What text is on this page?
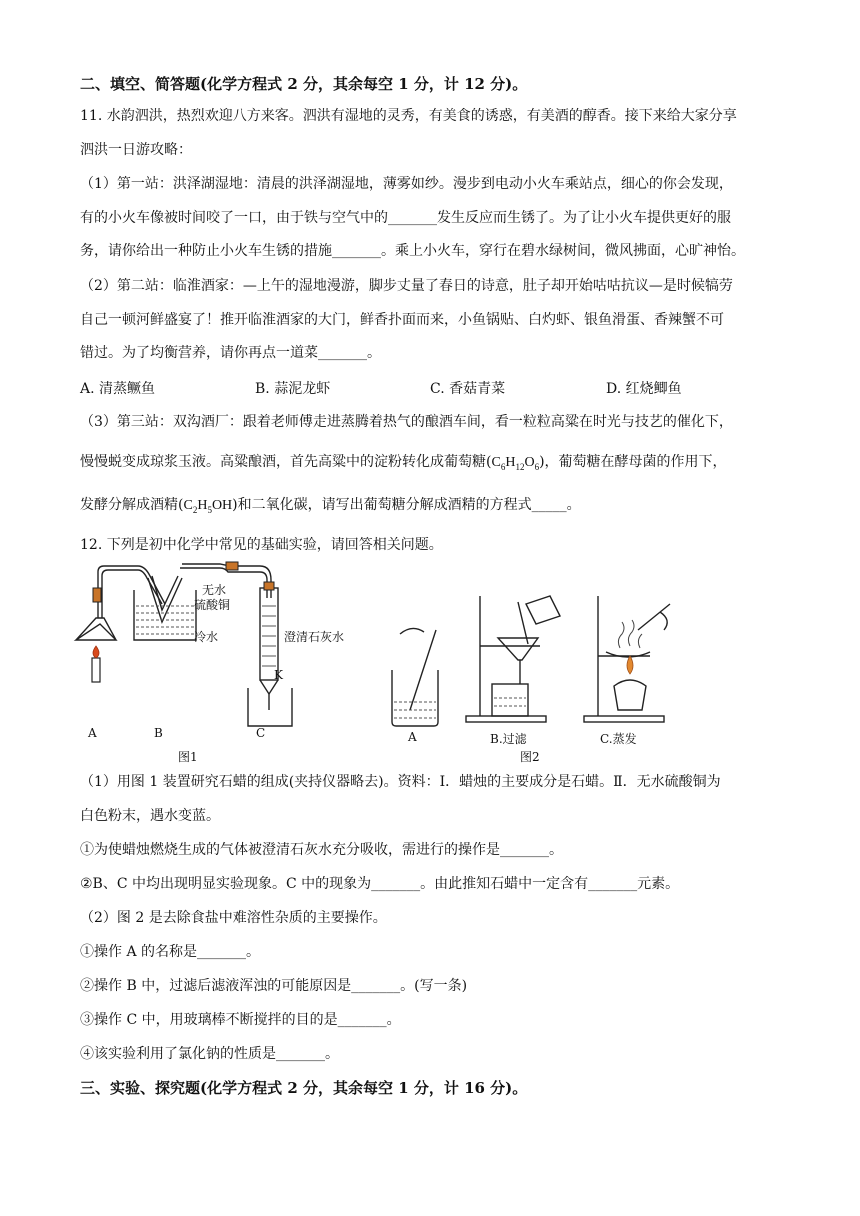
二、填空、简答题(化学方程式 2 分，其余每空 1 分，计 12 分)。
11. 水韵泗洪，热烈欢迎八方来客。泗洪有湿地的灵秀，有美食的诱惑，有美酒的醇香。接下来给大家分享
泗洪一日游攻略：
（1）第一站：洪泽湖湿地：清晨的洪泽湖湿地，薄雾如纱。漫步到电动小火车乘站点，细心的你会发现，
有的小火车像被时间咬了一口，由于铁与空气中的_______发生反应而生锈了。为了让小火车提供更好的服
务，请你给出一种防止小火车生锈的措施_______。乘上小火车，穿行在碧水绿树间，微风拂面，心旷神怡。
（2）第二站：临淮酒家：—上午的湿地漫游，脚步丈量了春日的诗意，肚子却开始咕咕抗议—是时候犒劳
自己一顿河鲜盛宴了！推开临淮酒家的大门，鲜香扑面而来，小鱼锅贴、白灼虾、银鱼滑蛋、香辣蟹不可
错过。为了均衡营养，请你再点一道菜_______。
A. 清蒸鳜鱼	B. 蒜泥龙虾	C. 香菇青菜	D. 红烧鲫鱼
（3）第三站：双沟酒厂：跟着老师傅走进蒸腾着热气的酿酒车间，看一粒粒高粱在时光与技艺的催化下，
慢慢蜕变成琼浆玉液。高粱酿酒，首先高粱中的淀粉转化成葡萄糖$(C_6H_{12}O_6)$，葡萄糖在酵母菌的作用下，
发酵分解成酒精$(C_2H_5OH)$和二氧化碳，请写出葡萄糖分解成酒精的方程式_____。
12. 下列是初中化学中常见的基础实验，请回答相关问题。
无水
硫酸铜
冷水	澄清石灰水
K
A	B	C
图1
A	B.过滤	C.蒸发
图2
（1）用图 1 装置研究石蜡的组成(夹持仪器略去)。资料：Ⅰ．蜡烛的主要成分是石蜡。Ⅱ．无水硫酸铜为
白色粉末，遇水变蓝。
①为使蜡烛燃烧生成的气体被澄清石灰水充分吸收，需进行的操作是_______。
②B、C 中均出现明显实验现象。C 中的现象为_______。由此推知石蜡中一定含有_______元素。
（2）图 2 是去除食盐中难溶性杂质的主要操作。
①操作 A 的名称是_______。
②操作 B 中，过滤后滤液浑浊的可能原因是_______。(写一条)
③操作 C 中，用玻璃棒不断搅拌的目的是_______。
④该实验利用了氯化钠的性质是_______。
三、实验、探究题(化学方程式 2 分，其余每空 1 分，计 16 分)。
